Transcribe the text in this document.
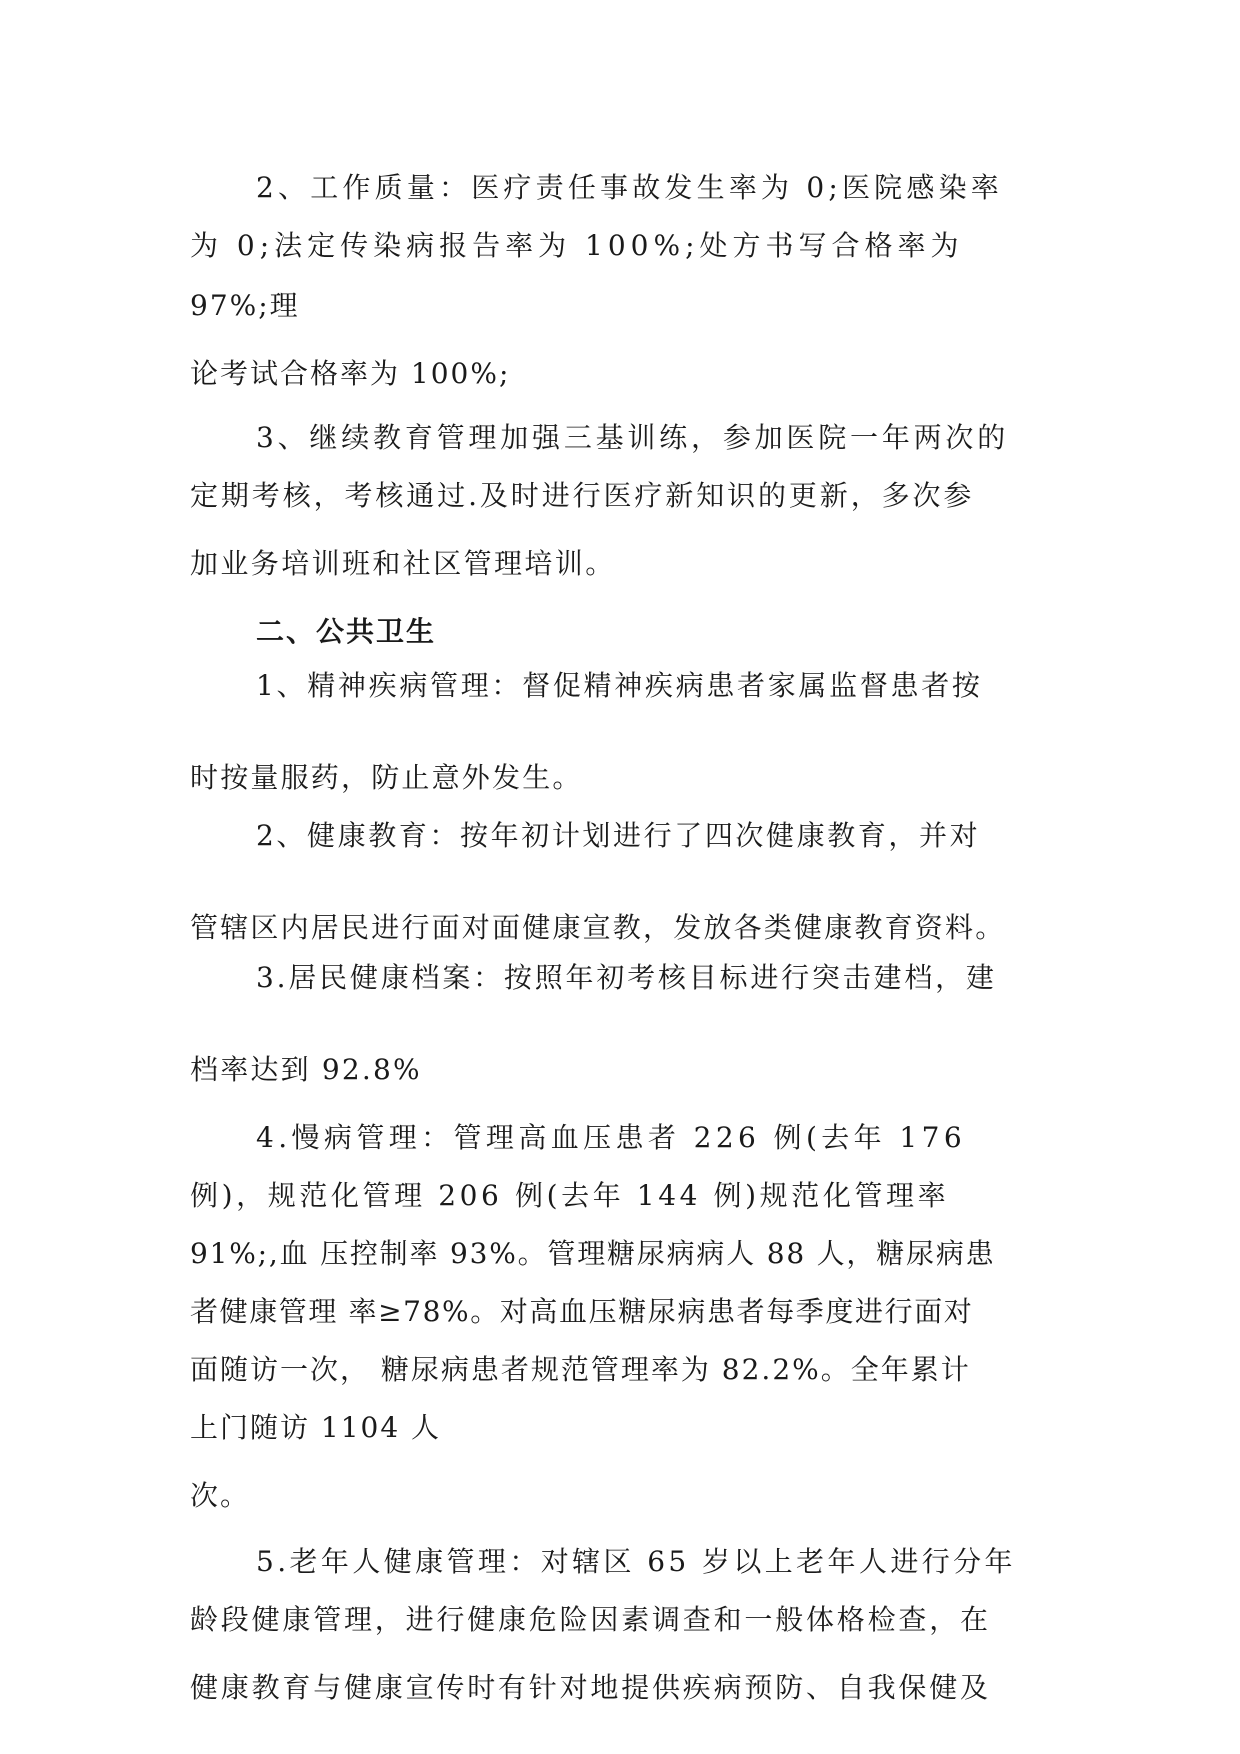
2、工作质量：医疗责任事故发生率为 0;医院感染率
为 0;法定传染病报告率为 100%;处方书写合格率为
97%;理
论考试合格率为 100%;
3、继续教育管理加强三基训练，参加医院一年两次的
定期考核，考核通过.及时进行医疗新知识的更新，多次参
加业务培训班和社区管理培训。
二、公共卫生
1、精神疾病管理：督促精神疾病患者家属监督患者按
时按量服药，防止意外发生。
2、健康教育：按年初计划进行了四次健康教育，并对
管辖区内居民进行面对面健康宣教，发放各类健康教育资料。
3.居民健康档案：按照年初考核目标进行突击建档，建
档率达到 92.8%
4.慢病管理：管理高血压患者 226 例(去年 176
例)，规范化管理 206 例(去年 144 例)规范化管理率
91%;,血 压控制率 93%。管理糖尿病病人 88 人，糖尿病患
者健康管理 率≥78%。对高血压糖尿病患者每季度进行面对
面随访一次， 糖尿病患者规范管理率为 82.2%。全年累计
上门随访 1104 人
次。
5.老年人健康管理：对辖区 65 岁以上老年人进行分年
龄段健康管理，进行健康危险因素调查和一般体格检查，在
健康教育与健康宣传时有针对地提供疾病预防、自我保健及
